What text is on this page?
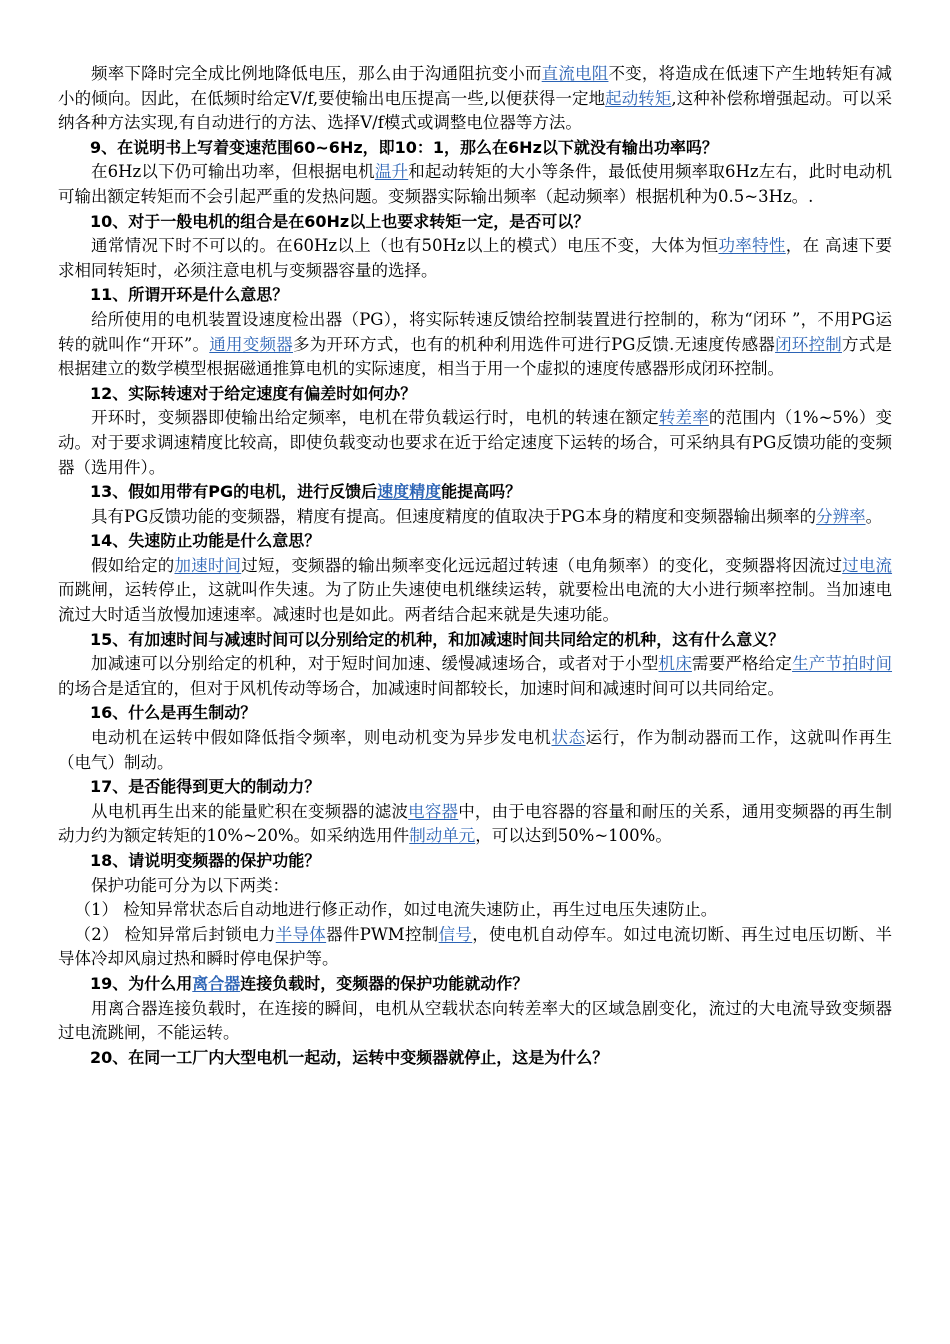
频率下降时完全成比例地降低电压，那么由于沟通阻抗变小而直流电阻不变，将造成在低速下产生地转矩有减小的倾向。因此，在低频时给定V/f,要使输出电压提高一些,以便获得一定地起动转矩,这种补偿称增强起动。可以采纳各种方法实现,有自动进行的方法、选择V/f模式或调整电位器等方法。

9、在说明书上写着变速范围60~6Hz，即10：1，那么在6Hz以下就没有输出功率吗？

在6Hz以下仍可输出功率，但根据电机温升和起动转矩的大小等条件，最低使用频率取6Hz左右，此时电动机可输出额定转矩而不会引起严重的发热问题。变频器实际输出频率（起动频率）根据机种为0.5~3Hz。.

10、对于一般电机的组合是在60Hz以上也要求转矩一定，是否可以？

通常情况下时不可以的。在60Hz以上（也有50Hz以上的模式）电压不变，大体为恒功率特性，在 高速下要求相同转矩时，必须注意电机与变频器容量的选择。

11、所谓开环是什么意思？

给所使用的电机装置设速度检出器（PG），将实际转速反馈给控制装置进行控制的，称为“闭环 ”，不用PG运转的就叫作“开环”。通用变频器多为开环方式，也有的机种利用选件可进行PG反馈.无速度传感器闭环控制方式是根据建立的数学模型根据磁通推算电机的实际速度，相当于用一个虚拟的速度传感器形成闭环控制。

12、实际转速对于给定速度有偏差时如何办？

开环时，变频器即使输出给定频率，电机在带负载运行时，电机的转速在额定转差率的范围内（1%~5%）变动。对于要求调速精度比较高，即使负载变动也要求在近于给定速度下运转的场合，可采纳具有PG反馈功能的变频器（选用件）。

13、假如用带有PG的电机，进行反馈后速度精度能提高吗？

具有PG反馈功能的变频器，精度有提高。但速度精度的值取决于PG本身的精度和变频器输出频率的分辨率。

14、失速防止功能是什么意思？

假如给定的加速时间过短，变频器的输出频率变化远远超过转速（电角频率）的变化，变频器将因流过过电流而跳闸，运转停止，这就叫作失速。为了防止失速使电机继续运转，就要检出电流的大小进行频率控制。当加速电流过大时适当放慢加速速率。减速时也是如此。两者结合起来就是失速功能。

15、有加速时间与减速时间可以分别给定的机种，和加减速时间共同给定的机种，这有什么意义？

加减速可以分别给定的机种，对于短时间加速、缓慢减速场合，或者对于小型机床需要严格给定生产节拍时间的场合是适宜的，但对于风机传动等场合，加减速时间都较长，加速时间和减速时间可以共同给定。

16、什么是再生制动？

电动机在运转中假如降低指令频率，则电动机变为异步发电机状态运行，作为制动器而工作，这就叫作再生（电气）制动。

17、是否能得到更大的制动力？

从电机再生出来的能量贮积在变频器的滤波电容器中，由于电容器的容量和耐压的关系，通用变频器的再生制动力约为额定转矩的10%~20%。如采纳选用件制动单元，可以达到50%~100%。

18、请说明变频器的保护功能？

保护功能可分为以下两类：

（1） 检知异常状态后自动地进行修正动作，如过电流失速防止，再生过电压失速防止。

（2） 检知异常后封锁电力半导体器件PWM控制信号，使电机自动停车。如过电流切断、再生过电压切断、半导体冷却风扇过热和瞬时停电保护等。

19、为什么用离合器连接负载时，变频器的保护功能就动作？

用离合器连接负载时，在连接的瞬间，电机从空载状态向转差率大的区域急剧变化，流过的大电流导致变频器过电流跳闸，不能运转。

20、在同一工厂内大型电机一起动，运转中变频器就停止，这是为什么？
